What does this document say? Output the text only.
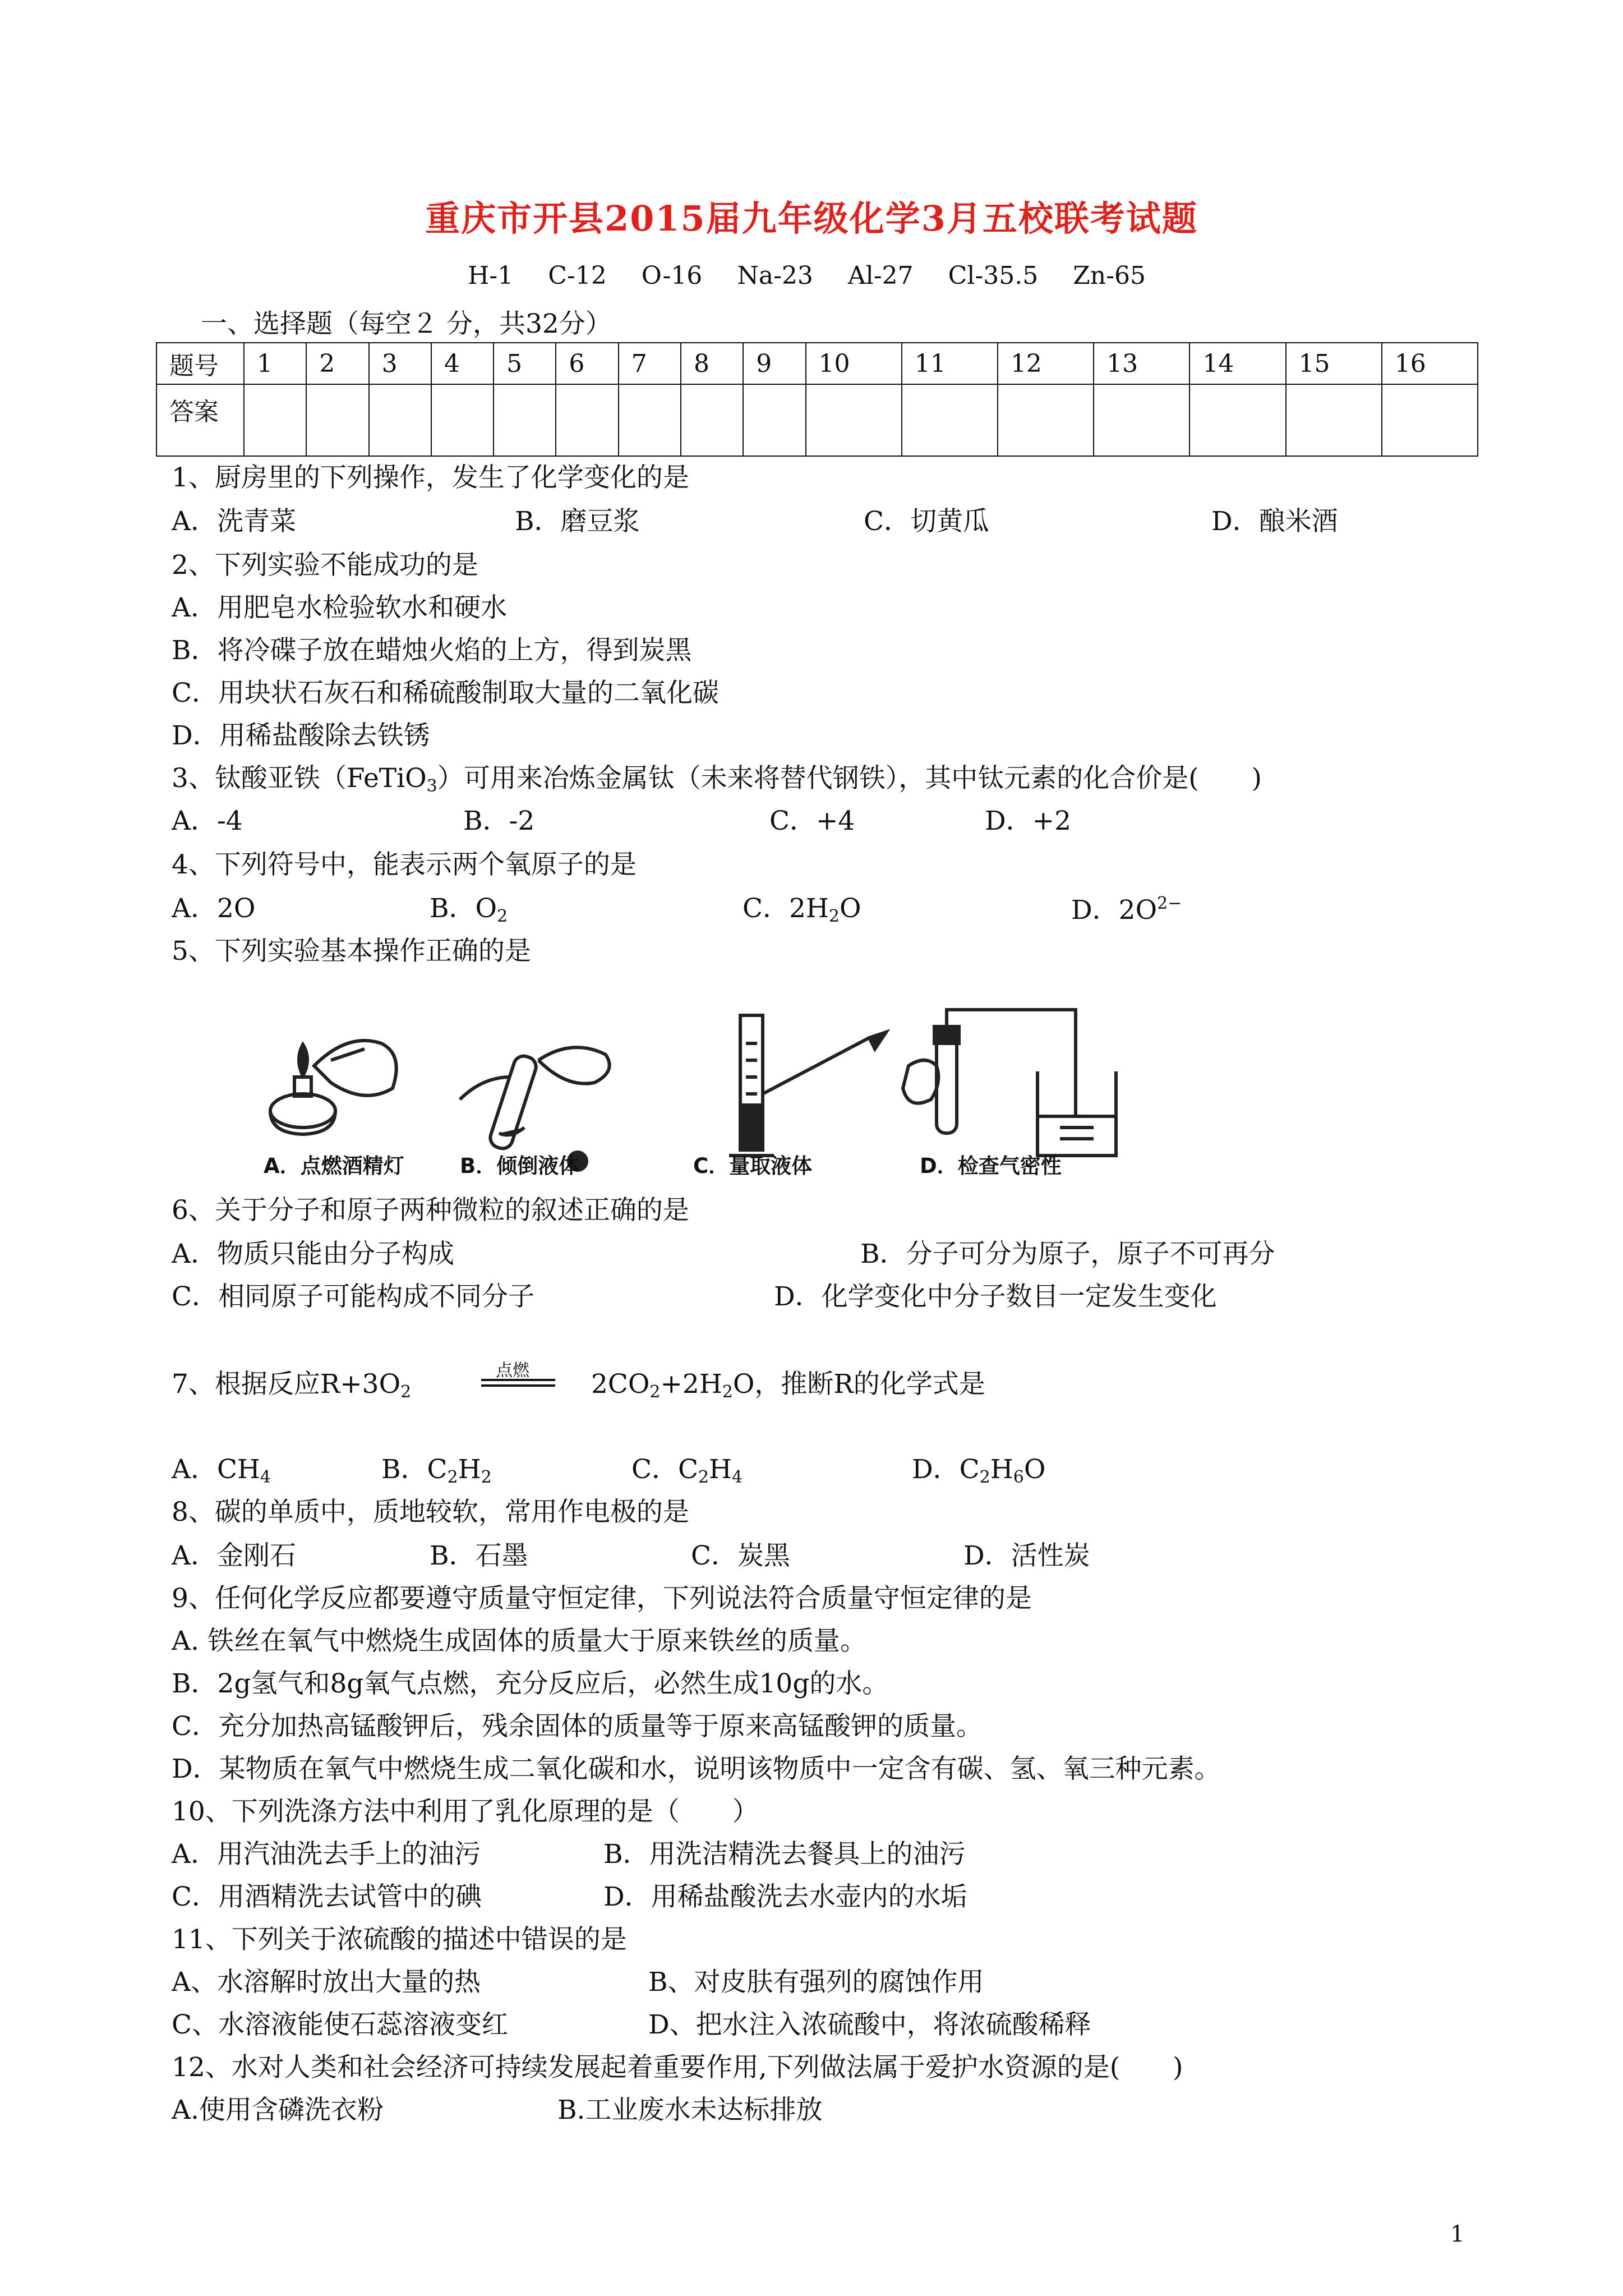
重庆市开县2015届九年级化学3月五校联考试题
H-1 C-12 O-16 Na-23 Al-27 Cl-35.5 Zn-65
一、选择题（每空２ 分，共32分）
题号	1	2	3	4	5	6	7	8	9	10	11	12	13	14	15	16
答案																
1、厨房里的下列操作，发生了化学变化的是
A．洗青菜	B．磨豆浆	C．切黄瓜	D．酿米酒
2、下列实验不能成功的是
A．用肥皂水检验软水和硬水
B．将冷碟子放在蜡烛火焰的上方，得到炭黑
C．用块状石灰石和稀硫酸制取大量的二氧化碳
D．用稀盐酸除去铁锈
3、钛酸亚铁（FeTiO$_3$）可用来冶炼金属钛（未来将替代钢铁），其中钛元素的化合价是(　　)
A．-4	B．-2	C．+4	D．+2
4、下列符号中，能表示两个氧原子的是
A．2O	B．$O_2$	C．$2H_2O$	D．$2O^{2-}$
5、下列实验基本操作正确的是
A．点燃酒精灯	B．倾倒液体	C．量取液体	D．检查气密性
6、关于分子和原子两种微粒的叙述正确的是
A．物质只能由分子构成	B．分子可分为原子，原子不可再分
C．相同原子可能构成不同分子	D．化学变化中分子数目一定发生变化
7、根据反应$R+3O_2$
点燃 $2CO_2+2H_2O$，推断R的化学式是
A．$CH_4$	B．$C_2H_2$	C．$C_2H_4$	D．$C_2H_6O$
8、碳的单质中，质地较软，常用作电极的是
A．金刚石	B．石墨	C．炭黑	D．活性炭
9、任何化学反应都要遵守质量守恒定律，下列说法符合质量守恒定律的是
A. 铁丝在氧气中燃烧生成固体的质量大于原来铁丝的质量。
B．2g氢气和8g氧气点燃，充分反应后，必然生成10g的水。
C．充分加热高锰酸钾后，残余固体的质量等于原来高锰酸钾的质量。
D．某物质在氧气中燃烧生成二氧化碳和水，说明该物质中一定含有碳、氢、氧三种元素。
10、下列洗涤方法中利用了乳化原理的是（　　）
A．用汽油洗去手上的油污	B．用洗洁精洗去餐具上的油污
C．用酒精洗去试管中的碘	D．用稀盐酸洗去水壶内的水垢
11、下列关于浓硫酸的描述中错误的是
A、水溶解时放出大量的热	B、对皮肤有强列的腐蚀作用
C、水溶液能使石蕊溶液变红	D、把水注入浓硫酸中，将浓硫酸稀释
12、水对人类和社会经济可持续发展起着重要作用,下列做法属于爱护水资源的是(　　)
A.使用含磷洗衣粉	B.工业废水未达标排放
1
